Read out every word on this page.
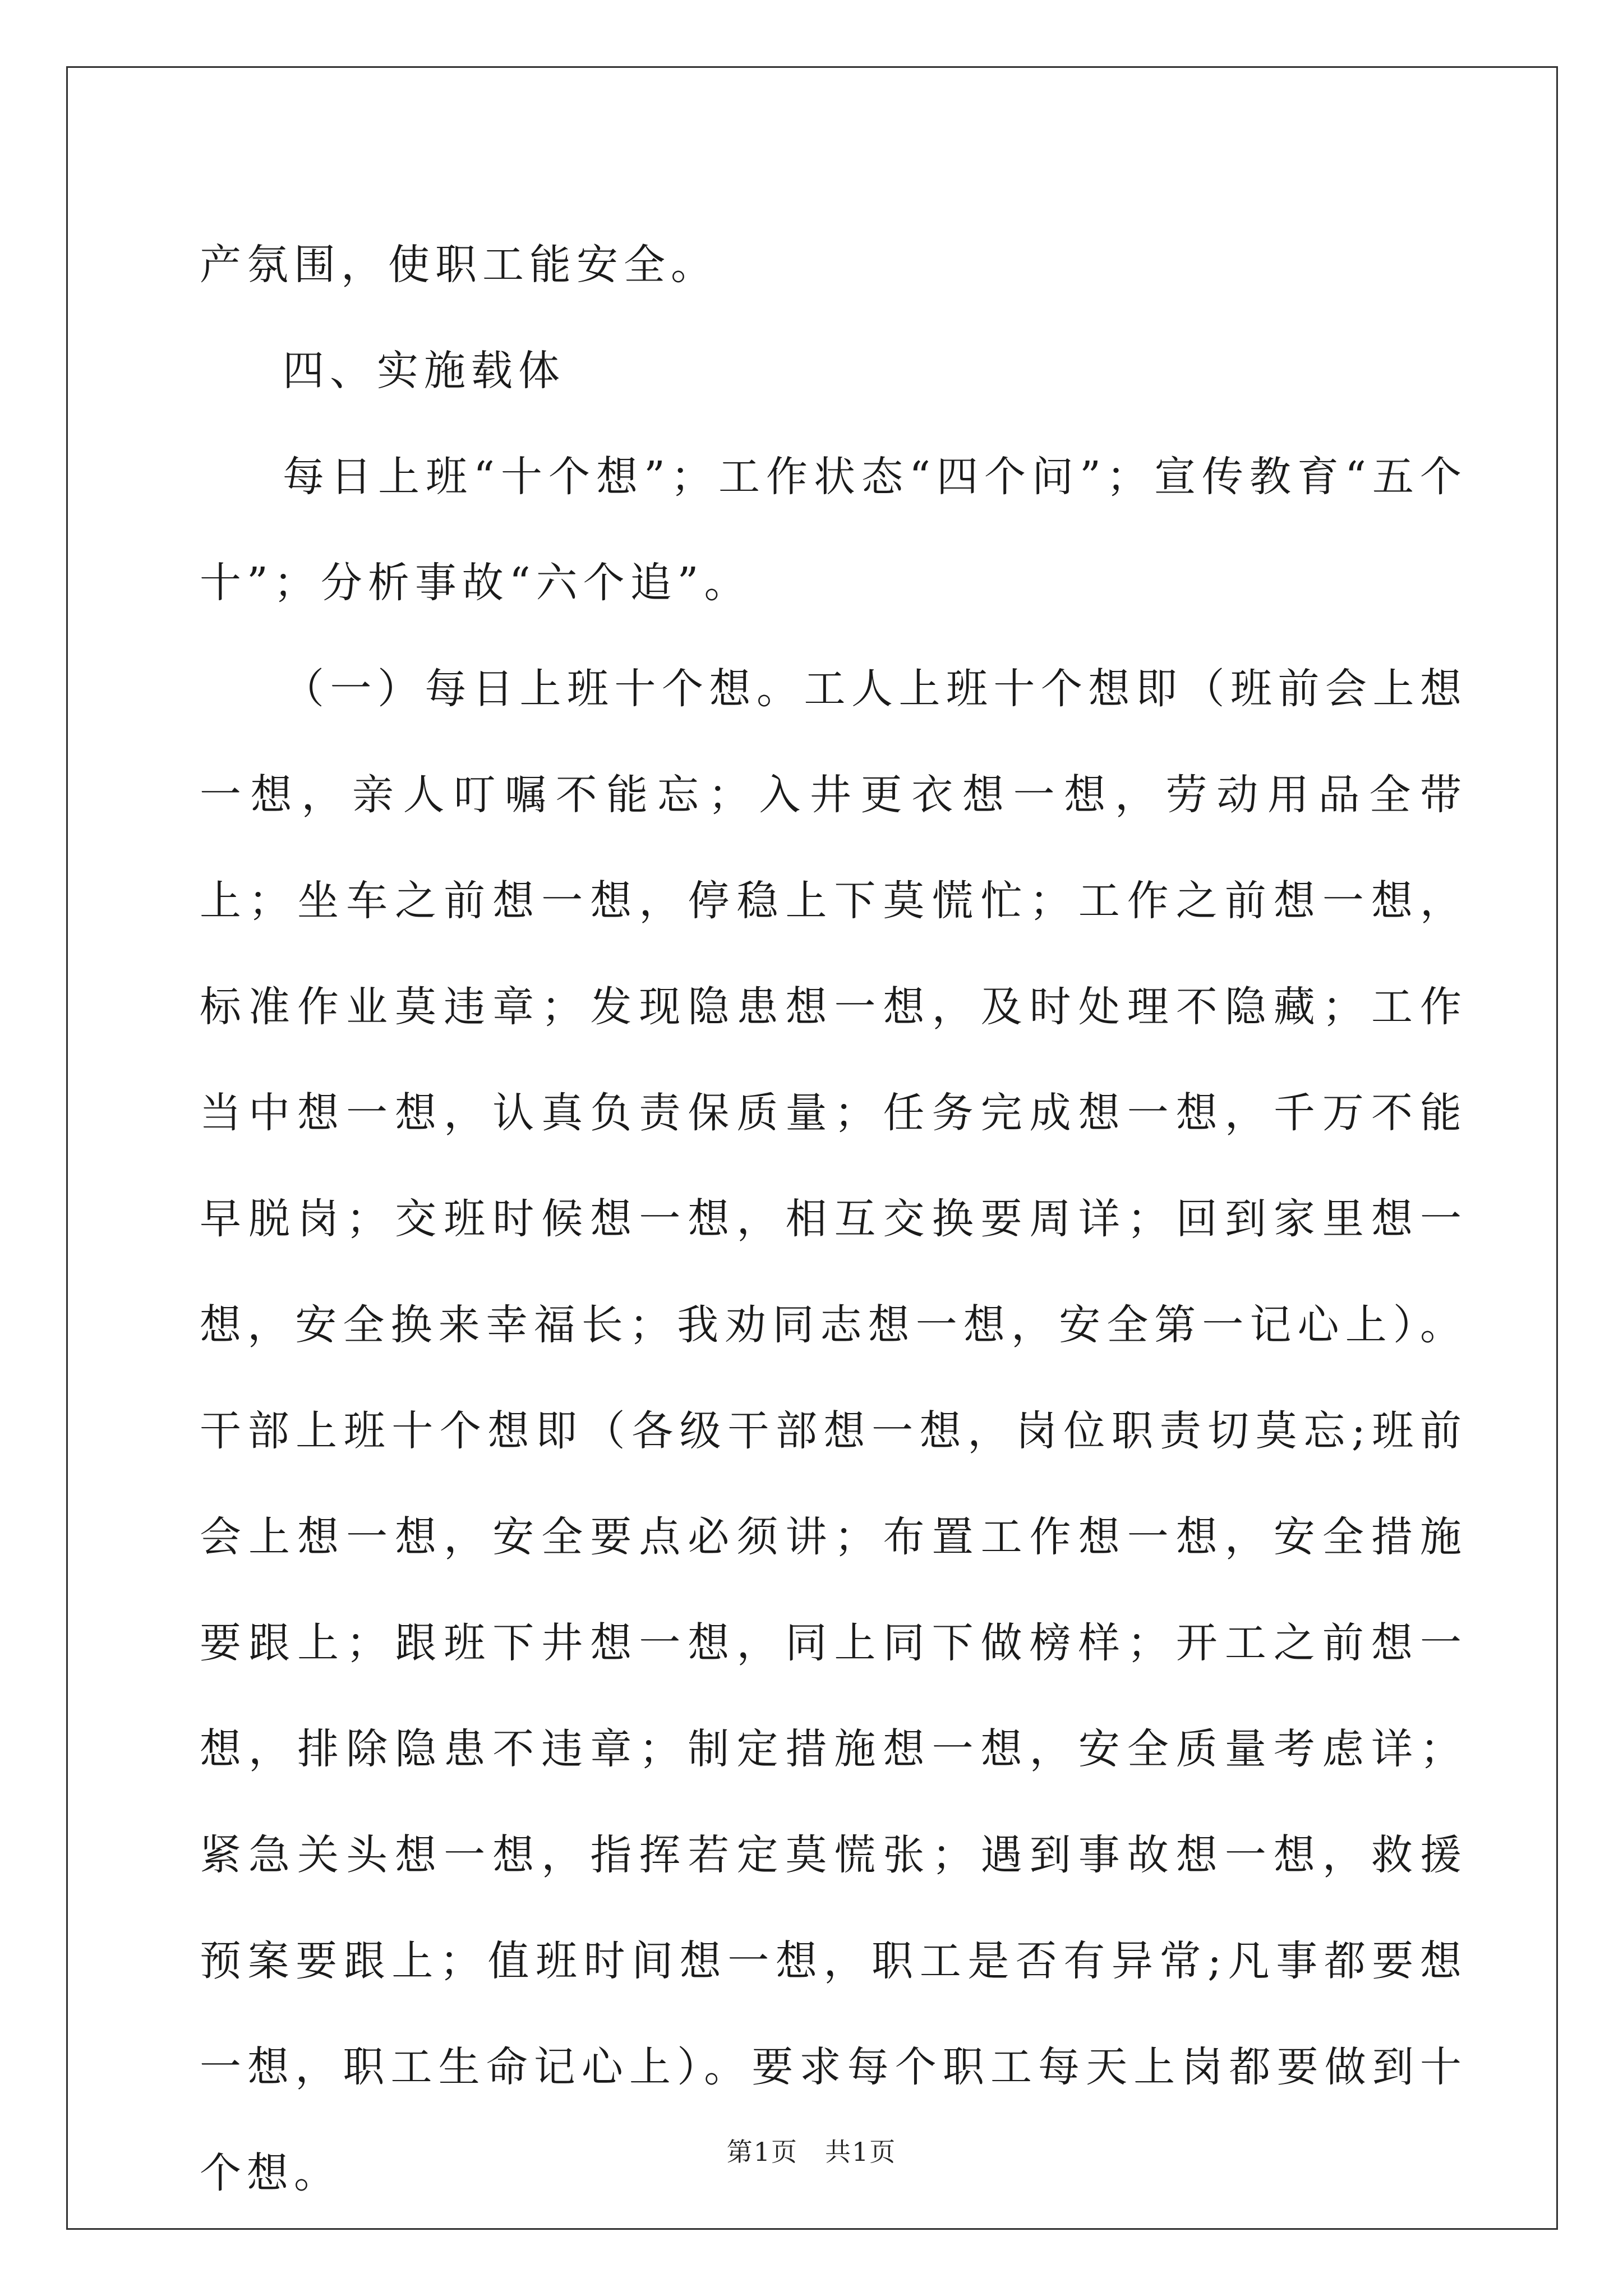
产氛围，使职工能安全。

四、实施载体

每日上班“十个想”；工作状态“四个问”；宣传教育“五个十”；分析事故“六个追”。

（一）每日上班十个想。工人上班十个想即（班前会上想一想，亲人叮嘱不能忘；入井更衣想一想，劳动用品全带上；坐车之前想一想，停稳上下莫慌忙；工作之前想一想，标准作业莫违章；发现隐患想一想，及时处理不隐藏；工作当中想一想，认真负责保质量；任务完成想一想，千万不能早脱岗；交班时候想一想，相互交换要周详；回到家里想一想，安全换来幸福长；我劝同志想一想，安全第一记心上）。干部上班十个想即（各级干部想一想，岗位职责切莫忘;班前会上想一想，安全要点必须讲；布置工作想一想，安全措施要跟上；跟班下井想一想，同上同下做榜样；开工之前想一想，排除隐患不违章；制定措施想一想，安全质量考虑详；紧急关头想一想，指挥若定莫慌张；遇到事故想一想，救援预案要跟上；值班时间想一想，职工是否有异常;凡事都要想一想，职工生命记心上）。要求每个职工每天上岗都要做到十个想。	第1页　共1页
